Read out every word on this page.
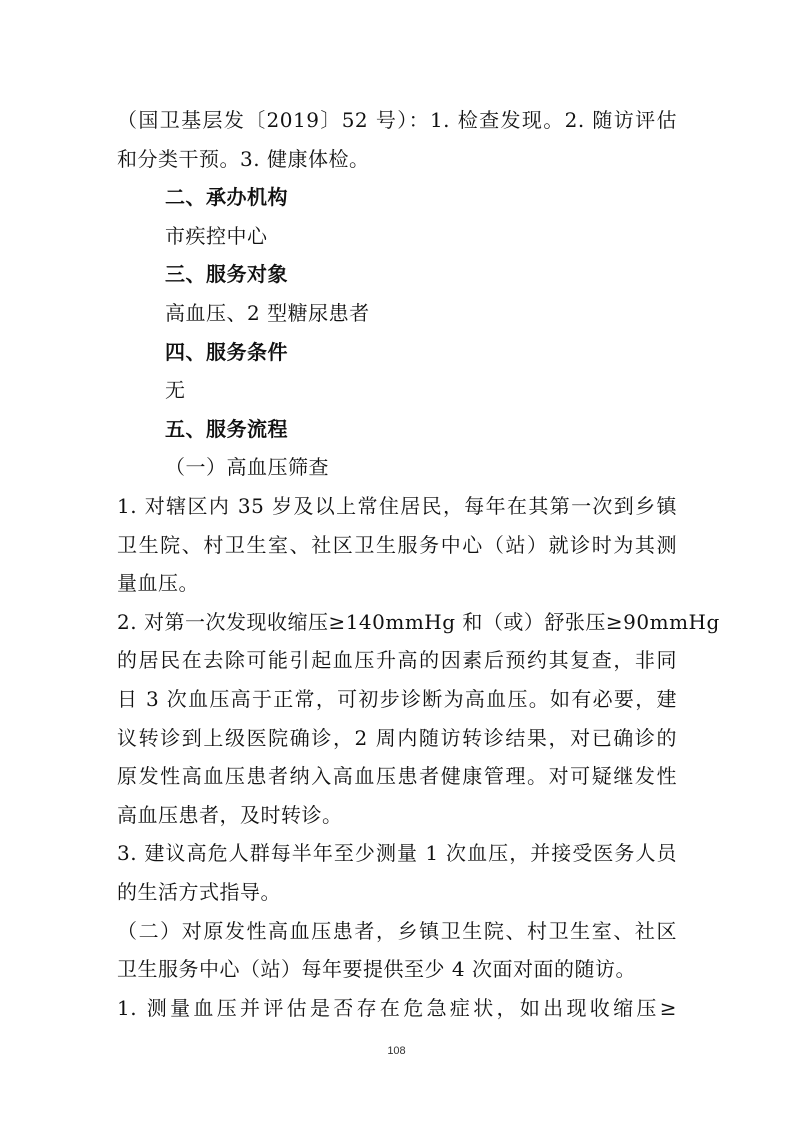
（国卫基层发〔2019〕52 号）：1. 检查发现。2. 随访评估
和分类干预。3. 健康体检。
二、承办机构
市疾控中心
三、服务对象
高血压、2 型糖尿患者
四、服务条件
无
五、服务流程
（一）高血压筛查
1. 对辖区内 35 岁及以上常住居民，每年在其第一次到乡镇
卫生院、村卫生室、社区卫生服务中心（站）就诊时为其测
量血压。
2. 对第一次发现收缩压≥140mmHg 和（或）舒张压≥90mmHg
的居民在去除可能引起血压升高的因素后预约其复查，非同
日 3 次血压高于正常，可初步诊断为高血压。如有必要，建
议转诊到上级医院确诊，2 周内随访转诊结果，对已确诊的
原发性高血压患者纳入高血压患者健康管理。对可疑继发性
高血压患者，及时转诊。
3. 建议高危人群每半年至少测量 1 次血压，并接受医务人员
的生活方式指导。
（二）对原发性高血压患者，乡镇卫生院、村卫生室、社区
卫生服务中心（站）每年要提供至少 4 次面对面的随访。
1. 测量血压并评估是否存在危急症状，如出现收缩压≥
108
